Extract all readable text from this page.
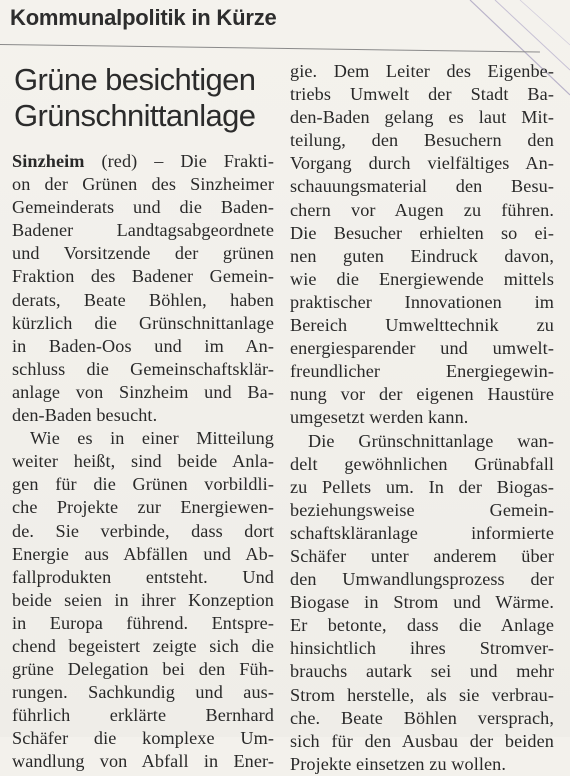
Kommunalpolitik in Kürze
Grüne besichtigen
Grünschnittanlage
Sinzheim (red) – Die Frakti-
on der Grünen des Sinzheimer
Gemeinderats und die Baden-
Badener Landtagsabgeordnete
und Vorsitzende der grünen
Fraktion des Badener Gemein-
derats, Beate Böhlen, haben
kürzlich die Grünschnittanlage
in Baden-Oos und im An-
schluss die Gemeinschaftsklär-
anlage von Sinzheim und Ba-
den-Baden besucht.
Wie es in einer Mitteilung
weiter heißt, sind beide Anla-
gen für die Grünen vorbildli-
che Projekte zur Energiewen-
de. Sie verbinde, dass dort
Energie aus Abfällen und Ab-
fallprodukten entsteht. Und
beide seien in ihrer Konzeption
in Europa führend. Entspre-
chend begeistert zeigte sich die
grüne Delegation bei den Füh-
rungen. Sachkundig und aus-
führlich erklärte Bernhard
Schäfer die komplexe Um-
wandlung von Abfall in Ener-
gie. Dem Leiter des Eigenbe-
triebs Umwelt der Stadt Ba-
den-Baden gelang es laut Mit-
teilung, den Besuchern den
Vorgang durch vielfältiges An-
schauungsmaterial den Besu-
chern vor Augen zu führen.
Die Besucher erhielten so ei-
nen guten Eindruck davon,
wie die Energiewende mittels
praktischer Innovationen im
Bereich Umwelttechnik zu
energiesparender und umwelt-
freundlicher Energiegewin-
nung vor der eigenen Haustüre
umgesetzt werden kann.
Die Grünschnittanlage wan-
delt gewöhnlichen Grünabfall
zu Pellets um. In der Biogas-
beziehungsweise Gemein-
schaftskläranlage informierte
Schäfer unter anderem über
den Umwandlungsprozess der
Biogase in Strom und Wärme.
Er betonte, dass die Anlage
hinsichtlich ihres Stromver-
brauchs autark sei und mehr
Strom herstelle, als sie verbrau-
che. Beate Böhlen versprach,
sich für den Ausbau der beiden
Projekte einsetzen zu wollen.
